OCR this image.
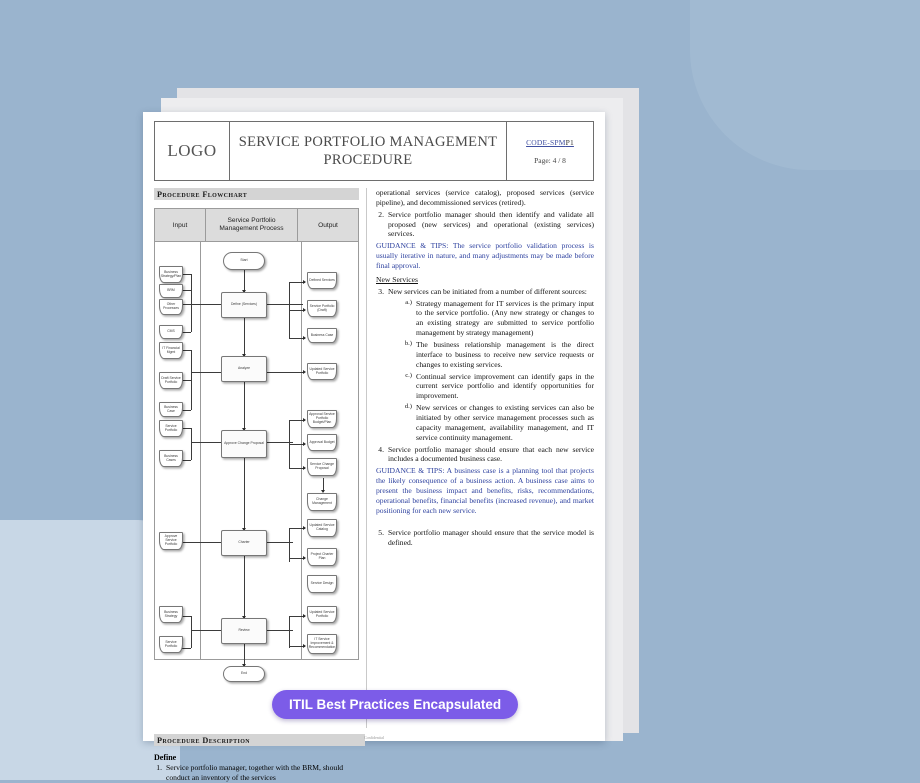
LOGO	SERVICE PORTFOLIO MANAGEMENT PROCEDURE
CODE-SPMP1
Page: 4 / 8
Procedure Flowchart
Input
Service Portfolio Management Process	Output
Start
Define (Services)
Analyze
Approve Change Proposal
Charter
Review
End
Business Strategy/Plan
BRM
Other Processes
CMS
IT Financial Mgmt
Draft Service Portfolio
Business Case
Service Portfolio
Business Cases
Approve Service Portfolio
Business Strategy
Service Portfolio
Defined Services
Service Portfolio (Draft)
Business Case
Updated Service Portfolio
Approval Service Portfolio Budget/Plan
Approval Budget
Service Change Proposal
Change Management
Updated Service Catalog
Project Charter Plan
Service Design
Updated Service Portfolio
IT Service Improvement & Recommendation

operational services (service catalog), proposed services (service pipeline), and decommissioned services (retired).

2. Service portfolio manager should then identify and validate all proposed (new services) and operational (existing services) services.

GUIDANCE & TIPS: The service portfolio validation process is usually iterative in nature, and many adjustments may be made before final approval.

New Services
3. New services can be initiated from a number of different sources:
a.) Strategy management for IT services is the primary input to the service portfolio. (Any new strategy or changes to an existing strategy are submitted to service portfolio management by strategy management)
b.) The business relationship management is the direct interface to business to receive new service requests or changes to existing services.
c.) Continual service improvement can identify gaps in the current service portfolio and identify opportunities for improvement.
d.) New services or changes to existing services can also be initiated by other service management processes such as capacity management, availability management, and IT service continuity management.
4. Service portfolio manager should ensure that each new service includes a documented business case.

GUIDANCE & TIPS: A business case is a planning tool that projects the likely consequence of a business action. A business case aims to present the business impact and benefits, risks, recommendations, operational benefits, financial benefits (increased revenue), and market positioning for each new service.

5. Service portfolio manager should ensure that the service model is defined.
Procedure Description
Define
1. Service portfolio manager, together with the BRM, should conduct an inventory of the services
Confidential
ITIL Best Practices Encapsulated
